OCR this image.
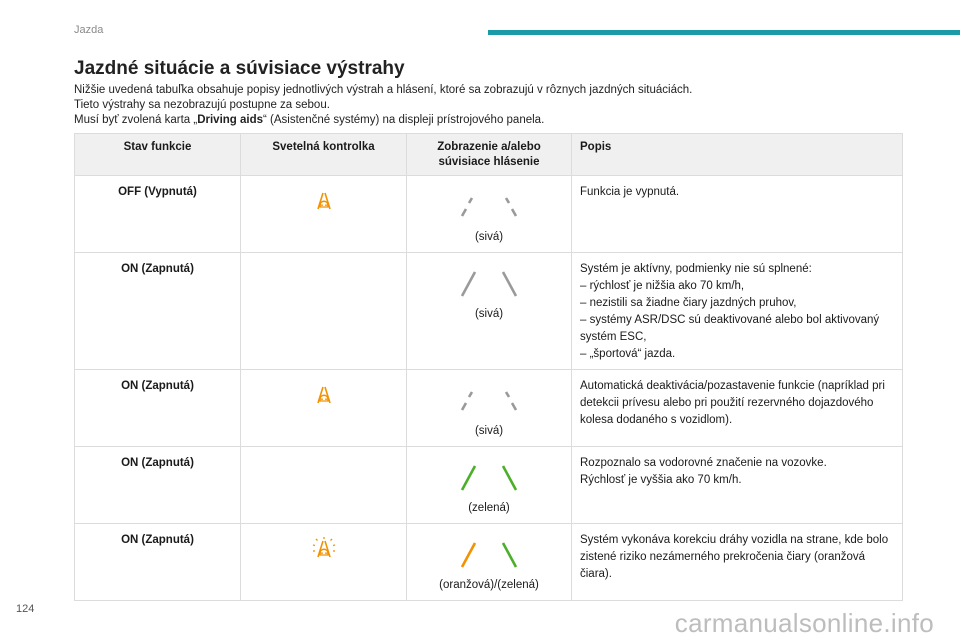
Jazda
Jazdné situácie a súvisiace výstrahy

Nižšie uvedená tabuľka obsahuje popisy jednotlivých výstrah a hlásení, ktoré sa zobrazujú v rôznych jazdných situáciách.

Tieto výstrahy sa nezobrazujú postupne za sebou.

Musí byť zvolená karta „Driving aids“ (Asistenčné systémy) na displeji prístrojového panela.

Stav funkcie	Svetelná kontrolka	Zobrazenie a/alebo súvisiace hlásenie	Popis
OFF (Vypnutá)		(sivá)	Funkcia je vypnutá.

ON (Zapnutá)		(sivá)	Systém je aktívny, podmienky nie sú splnené:
– rýchlosť je nižšia ako 70 km/h,
– nezistili sa žiadne čiary jazdných pruhov,
– systémy ASR/DSC sú deaktivované alebo bol aktivovaný systém ESC,
– „športová“ jazda.

ON (Zapnutá)		(sivá)	Automatická deaktivácia/pozastavenie funkcie (napríklad pri detekcii prívesu alebo pri použití rezervného dojazdového kolesa dodaného s vozidlom).

ON (Zapnutá)		(zelená)	Rozpoznalo sa vodorovné značenie na vozovke.
Rýchlosť je vyššia ako 70 km/h.

ON (Zapnutá)		(oranžová)/(zelená)	Systém vykonáva korekciu dráhy vozidla na strane, kde bolo zistené riziko nezámerného prekročenia čiary (oranžová čiara).
124	carmanualsonline.info
